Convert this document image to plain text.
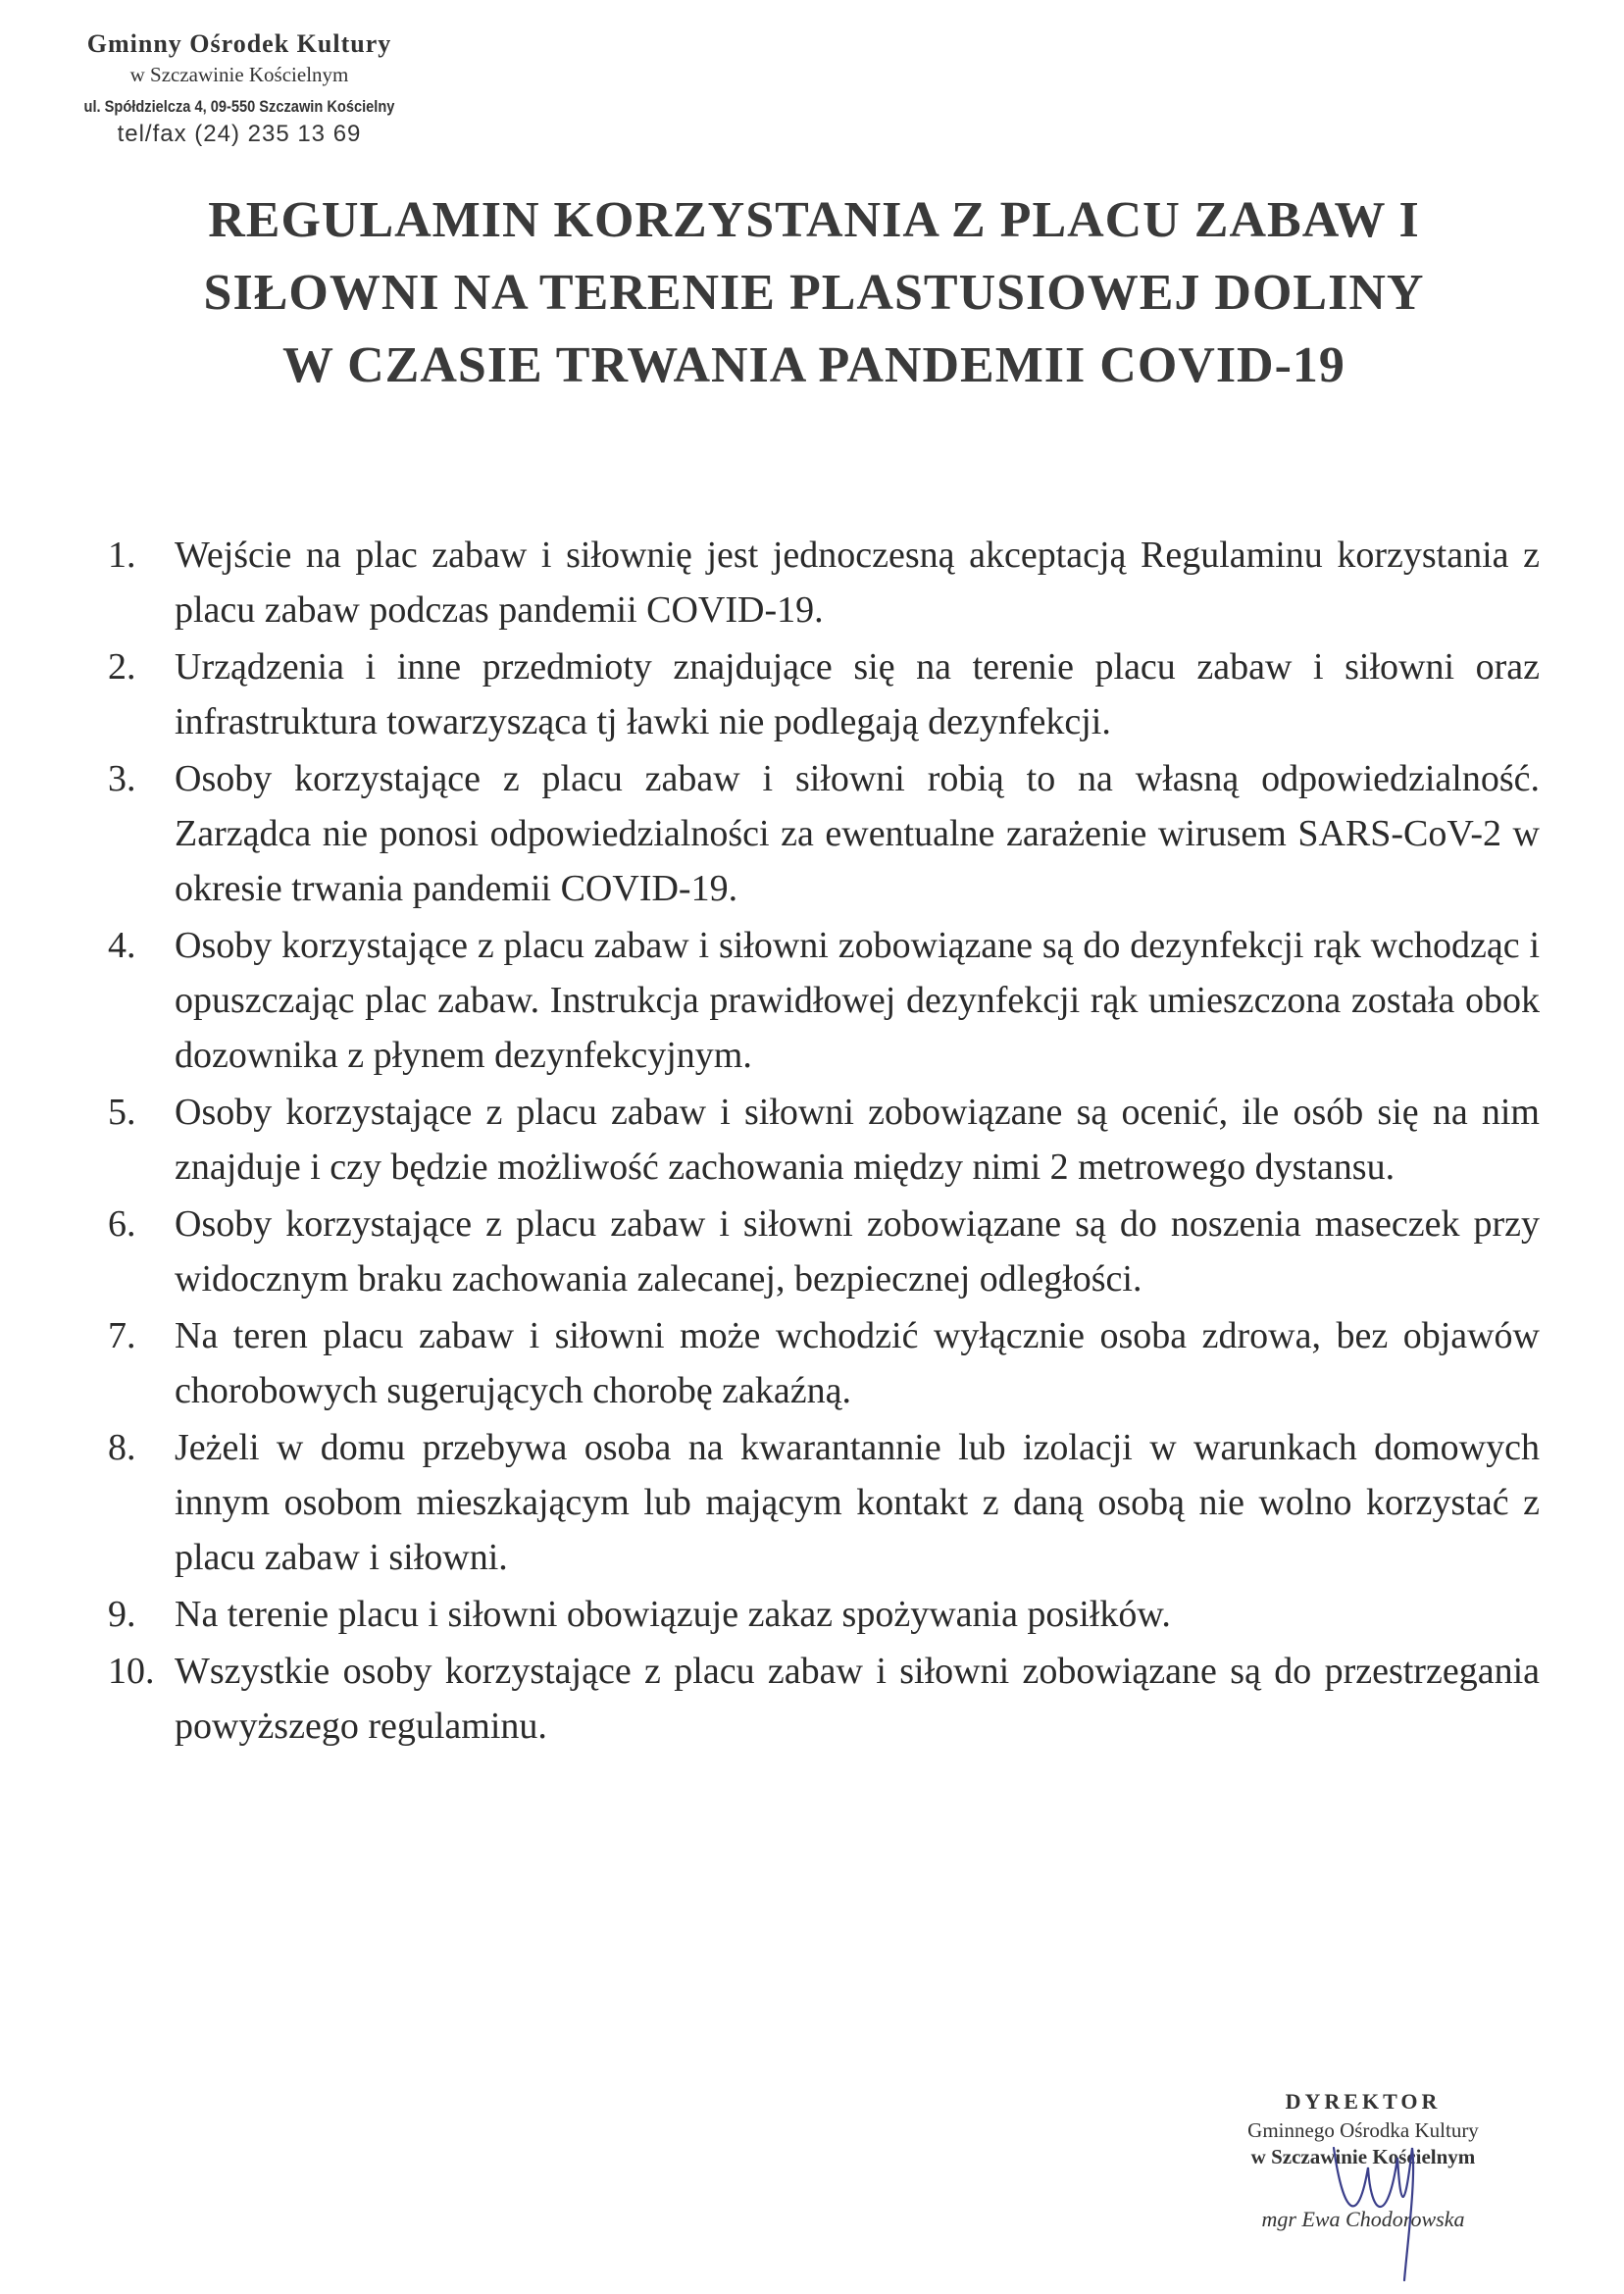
Gminny Ośrodek Kultury
w Szczawinie Kościelnym
ul. Spółdzielcza 4, 09-550 Szczawin Kościelny
tel/fax (24) 235 13 69
REGULAMIN KORZYSTANIA Z PLACU ZABAW I
SIŁOWNI NA TERENIE PLASTUSIOWEJ DOLINY
W CZASIE TRWANIA PANDEMII COVID-19
1. Wejście na plac zabaw i siłownię jest jednoczesną akceptacją Regulaminu korzystania z placu zabaw podczas pandemii COVID-19.
2. Urządzenia i inne przedmioty znajdujące się na terenie placu zabaw i siłowni oraz infrastruktura towarzysząca tj ławki nie podlegają dezynfekcji.
3. Osoby korzystające z placu zabaw i siłowni robią to na własną odpowiedzialność. Zarządca nie ponosi odpowiedzialności za ewentualne zarażenie wirusem SARS-CoV-2 w okresie trwania pandemii COVID-19.
4. Osoby korzystające z placu zabaw i siłowni zobowiązane są do dezynfekcji rąk wchodząc i opuszczając plac zabaw. Instrukcja prawidłowej dezynfekcji rąk umieszczona została obok dozownika z płynem dezynfekcyjnym.
5. Osoby korzystające z placu zabaw i siłowni zobowiązane są ocenić, ile osób się na nim znajduje i czy będzie możliwość zachowania między nimi 2 metrowego dystansu.
6. Osoby korzystające z placu zabaw i siłowni zobowiązane są do noszenia maseczek przy widocznym braku zachowania zalecanej, bezpiecznej odległości.
7. Na teren placu zabaw i siłowni może wchodzić wyłącznie osoba zdrowa, bez objawów chorobowych sugerujących chorobę zakaźną.
8. Jeżeli w domu przebywa osoba na kwarantannie lub izolacji w warunkach domowych innym osobom mieszkającym lub mającym kontakt z daną osobą nie wolno korzystać z placu zabaw i siłowni.
9. Na terenie placu i siłowni obowiązuje zakaz spożywania posiłków.
10. Wszystkie osoby korzystające z placu zabaw i siłowni zobowiązane są do przestrzegania powyższego regulaminu.
DYREKTOR
Gminnego Ośrodka Kultury
w Szczawinie Kościelnym
mgr Ewa Chodorowska
